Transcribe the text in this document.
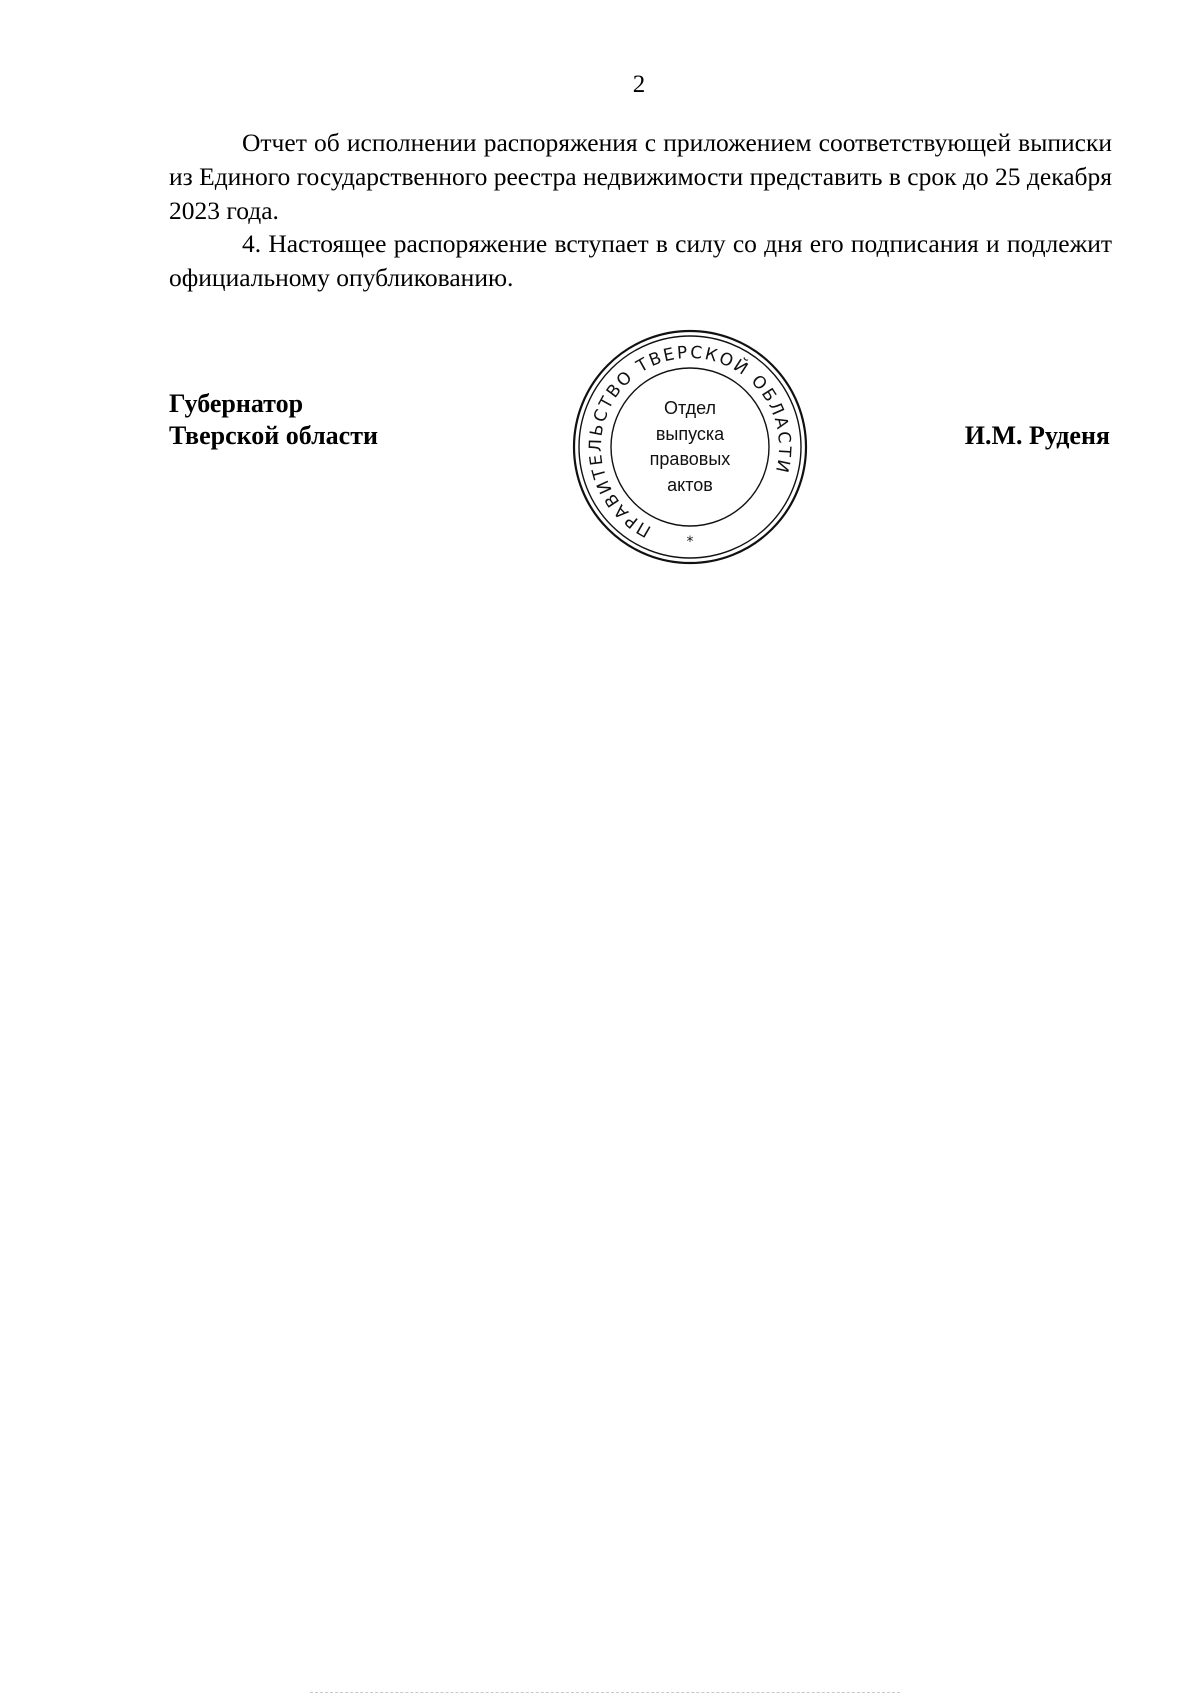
2

Отчет об исполнении распоряжения с приложением соответствующей выписки из Единого государственного реестра недвижимости представить в срок до 25 декабря 2023 года.

4. Настоящее распоряжение вступает в силу со дня его подписания и подлежит официальному опубликованию.

Губернатор
Тверской области
ПРАВИТЕЛЬСТВО ТВЕРСКОЙ ОБЛАСТИ
*
Отдел
выпуска
правовых
актов
И.М. Руденя
